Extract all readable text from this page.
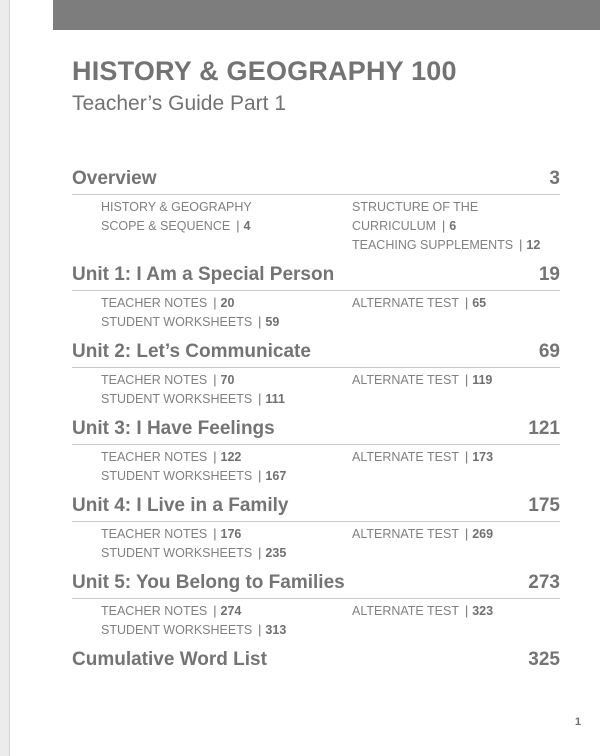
HISTORY & GEOGRAPHY 100
Teacher’s Guide Part 1
Overview	3
HISTORY & GEOGRAPHY
SCOPE & SEQUENCE | 4
STRUCTURE OF THE
CURRICULUM | 6
TEACHING SUPPLEMENTS | 12
Unit 1: I Am a Special Person	19
TEACHER NOTES | 20
STUDENT WORKSHEETS | 59
ALTERNATE TEST | 65
Unit 2: Let’s Communicate	69
TEACHER NOTES | 70
STUDENT WORKSHEETS | 111
ALTERNATE TEST | 119
Unit 3: I Have Feelings	121
TEACHER NOTES | 122
STUDENT WORKSHEETS | 167
ALTERNATE TEST | 173
Unit 4: I Live in a Family	175
TEACHER NOTES | 176
STUDENT WORKSHEETS | 235
ALTERNATE TEST | 269
Unit 5: You Belong to Families	273
TEACHER NOTES | 274
STUDENT WORKSHEETS | 313
ALTERNATE TEST | 323
Cumulative Word List	325
1
